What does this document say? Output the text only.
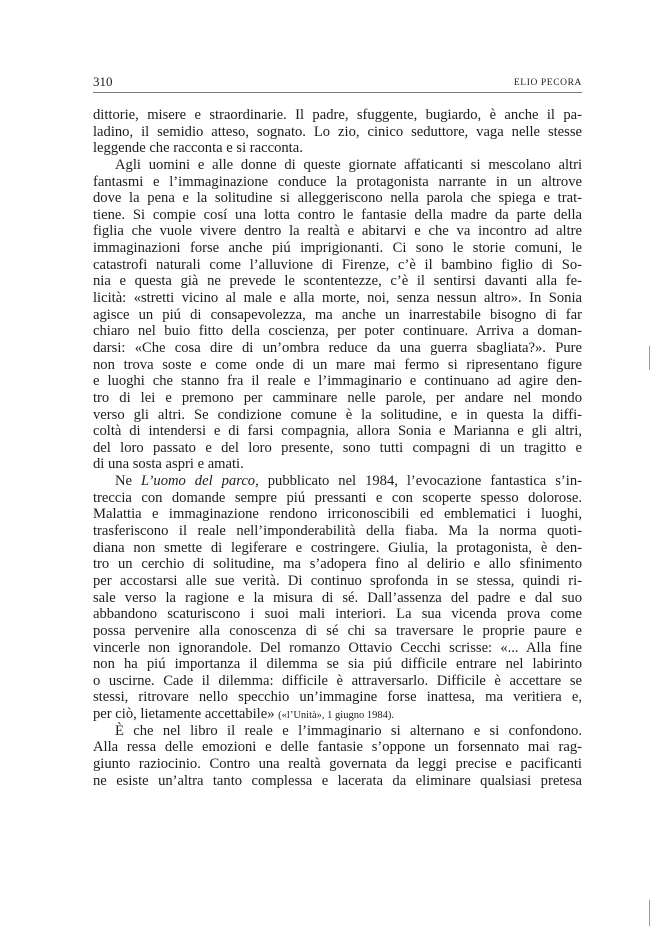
310	ELIO PECORA
dittorie, misere e straordinarie. Il padre, sfuggente, bugiardo, è anche il pa-
ladino, il semidio atteso, sognato. Lo zio, cinico seduttore, vaga nelle stesse
leggende che racconta e si racconta.
Agli uomini e alle donne di queste giornate affaticanti si mescolano altri
fantasmi e l’immaginazione conduce la protagonista narrante in un altrove
dove la pena e la solitudine si alleggeriscono nella parola che spiega e trat-
tiene. Si compie cosí una lotta contro le fantasie della madre da parte della
figlia che vuole vivere dentro la realtà e abitarvi e che va incontro ad altre
immaginazioni forse anche piú imprigionanti. Ci sono le storie comuni, le
catastrofi naturali come l’alluvione di Firenze, c’è il bambino figlio di So-
nia e questa già ne prevede le scontentezze, c’è il sentirsi davanti alla fe-
licità: «stretti vicino al male e alla morte, noi, senza nessun altro». In Sonia
agisce un piú di consapevolezza, ma anche un inarrestabile bisogno di far
chiaro nel buio fitto della coscienza, per poter continuare. Arriva a doman-
darsi: «Che cosa dire di un’ombra reduce da una guerra sbagliata?». Pure
non trova soste e come onde di un mare mai fermo si ripresentano figure
e luoghi che stanno fra il reale e l’immaginario e continuano ad agire den-
tro di lei e premono per camminare nelle parole, per andare nel mondo
verso gli altri. Se condizione comune è la solitudine, e in questa la diffi-
coltà di intendersi e di farsi compagnia, allora Sonia e Marianna e gli altri,
del loro passato e del loro presente, sono tutti compagni di un tragitto e
di una sosta aspri e amati.
Ne L’uomo del parco, pubblicato nel 1984, l’evocazione fantastica s’in-
treccia con domande sempre piú pressanti e con scoperte spesso dolorose.
Malattia e immaginazione rendono irriconoscibili ed emblematici i luoghi,
trasferiscono il reale nell’imponderabilità della fiaba. Ma la norma quoti-
diana non smette di legiferare e costringere. Giulia, la protagonista, è den-
tro un cerchio di solitudine, ma s’adopera fino al delirio e allo sfinimento
per accostarsi alle sue verità. Di continuo sprofonda in se stessa, quindi ri-
sale verso la ragione e la misura di sé. Dall’assenza del padre e dal suo
abbandono scaturiscono i suoi mali interiori. La sua vicenda prova come
possa pervenire alla conoscenza di sé chi sa traversare le proprie paure e
vincerle non ignorandole. Del romanzo Ottavio Cecchi scrisse: «... Alla fine
non ha piú importanza il dilemma se sia piú difficile entrare nel labirinto
o uscirne. Cade il dilemma: difficile è attraversarlo. Difficile è accettare se
stessi, ritrovare nello specchio un’immagine forse inattesa, ma veritiera e,
per ciò, lietamente accettabile» («l’Unità», 1 giugno 1984).
È che nel libro il reale e l’immaginario si alternano e si confondono.
Alla ressa delle emozioni e delle fantasie s’oppone un forsennato mai rag-
giunto raziocinio. Contro una realtà governata da leggi precise e pacificanti
ne esiste un’altra tanto complessa e lacerata da eliminare qualsiasi pretesa
